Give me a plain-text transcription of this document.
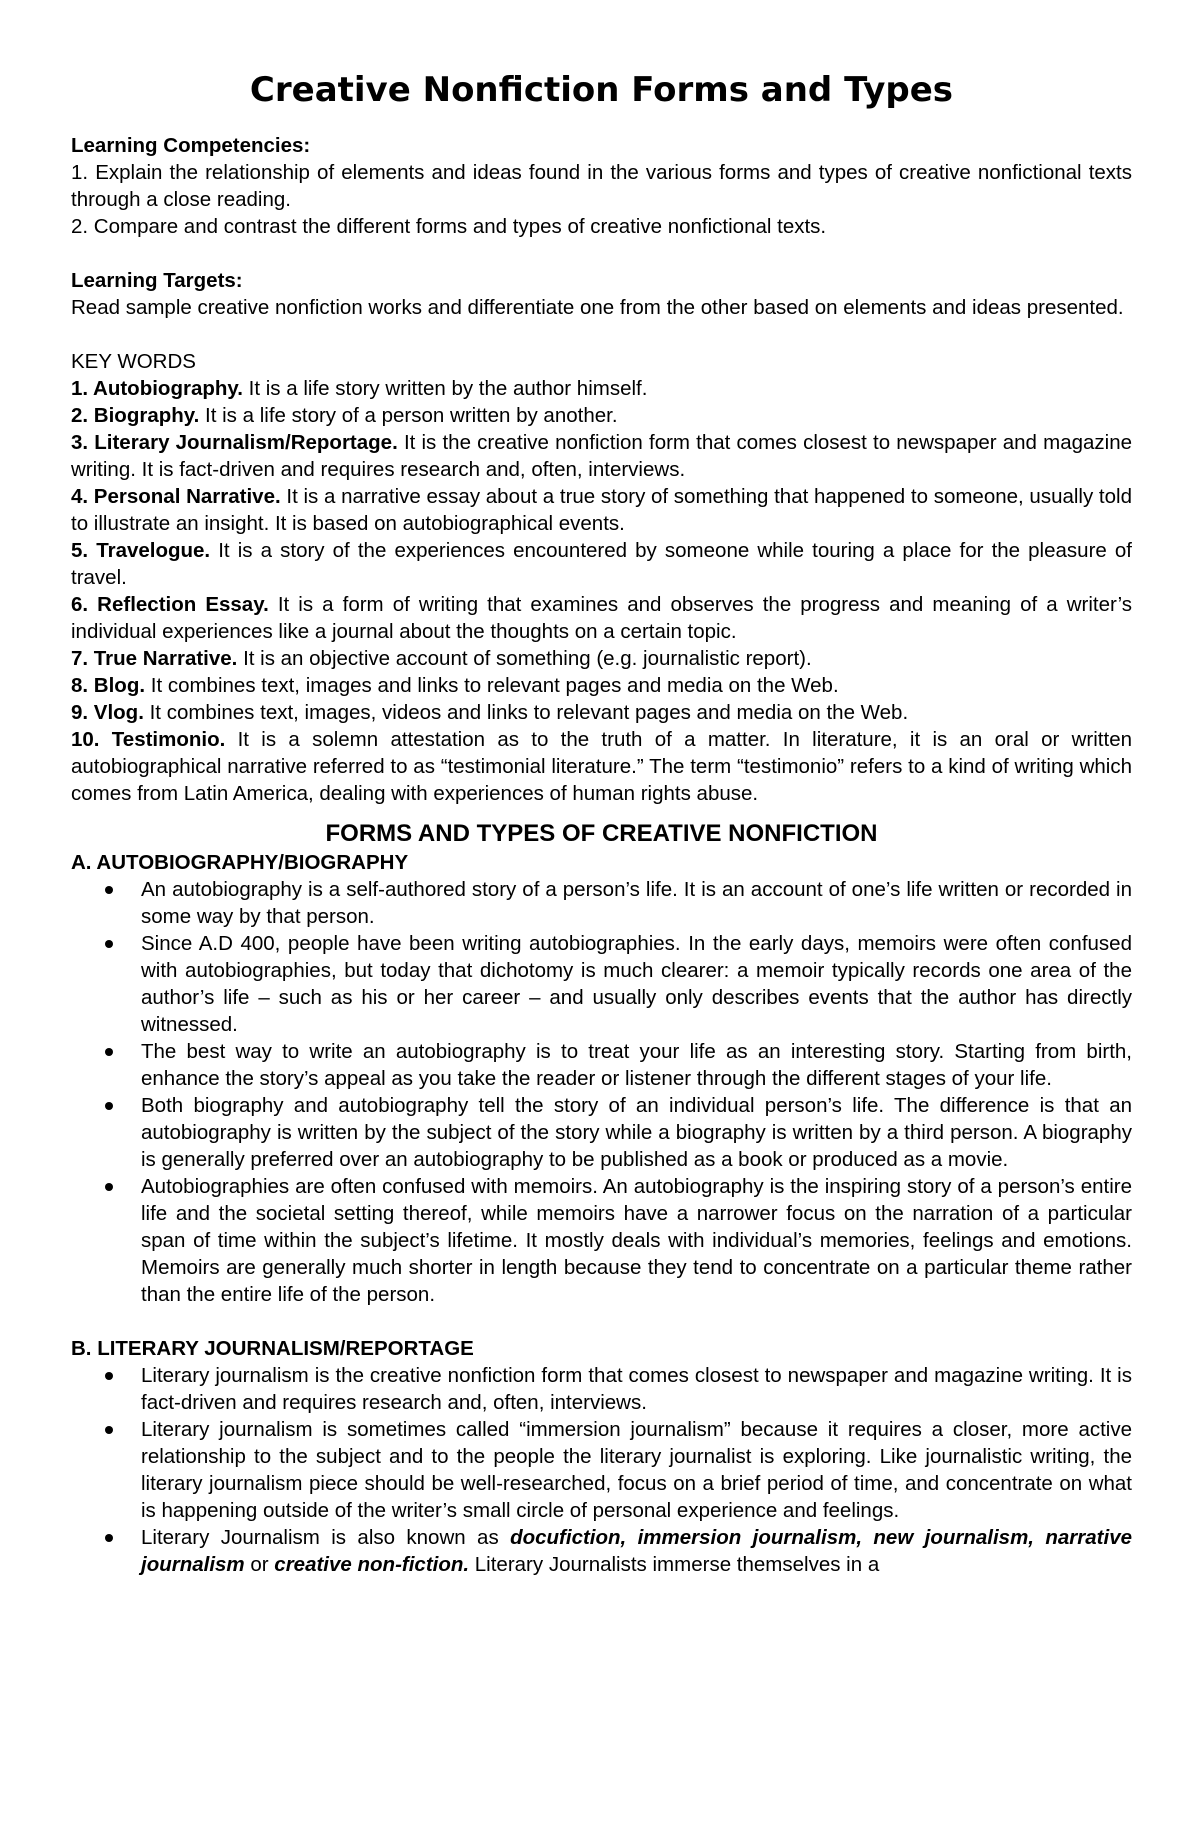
Creative Nonfiction Forms and Types

Learning Competencies:

1. Explain the relationship of elements and ideas found in the various forms and types of creative nonfictional texts through a close reading.

2. Compare and contrast the different forms and types of creative nonfictional texts.

Learning Targets:

Read sample creative nonfiction works and differentiate one from the other based on elements and ideas presented.

KEY WORDS

1. Autobiography. It is a life story written by the author himself.

2. Biography. It is a life story of a person written by another.

3. Literary Journalism/Reportage. It is the creative nonfiction form that comes closest to newspaper and magazine writing. It is fact-driven and requires research and, often, interviews.

4. Personal Narrative. It is a narrative essay about a true story of something that happened to someone, usually told to illustrate an insight. It is based on autobiographical events.

5. Travelogue. It is a story of the experiences encountered by someone while touring a place for the pleasure of travel.

6. Reflection Essay. It is a form of writing that examines and observes the progress and meaning of a writer’s individual experiences like a journal about the thoughts on a certain topic.

7. True Narrative. It is an objective account of something (e.g. journalistic report).

8. Blog. It combines text, images and links to relevant pages and media on the Web.

9. Vlog. It combines text, images, videos and links to relevant pages and media on the Web.

10. Testimonio. It is a solemn attestation as to the truth of a matter. In literature, it is an oral or written autobiographical narrative referred to as “testimonial literature.” The term “testimonio” refers to a kind of writing which comes from Latin America, dealing with experiences of human rights abuse.

FORMS AND TYPES OF CREATIVE NONFICTION

A. AUTOBIOGRAPHY/BIOGRAPHY

An autobiography is a self-authored story of a person’s life. It is an account of one’s life written or recorded in some way by that person.
Since A.D 400, people have been writing autobiographies. In the early days, memoirs were often confused with autobiographies, but today that dichotomy is much clearer: a memoir typically records one area of the author’s life – such as his or her career – and usually only describes events that the author has directly witnessed.
The best way to write an autobiography is to treat your life as an interesting story. Starting from birth, enhance the story’s appeal as you take the reader or listener through the different stages of your life.
Both biography and autobiography tell the story of an individual person’s life. The difference is that an autobiography is written by the subject of the story while a biography is written by a third person. A biography is generally preferred over an autobiography to be published as a book or produced as a movie.
Autobiographies are often confused with memoirs. An autobiography is the inspiring story of a person’s entire life and the societal setting thereof, while memoirs have a narrower focus on the narration of a particular span of time within the subject’s lifetime. It mostly deals with individual’s memories, feelings and emotions. Memoirs are generally much shorter in length because they tend to concentrate on a particular theme rather than the entire life of the person.

B. LITERARY JOURNALISM/REPORTAGE

Literary journalism is the creative nonfiction form that comes closest to newspaper and magazine writing. It is fact-driven and requires research and, often, interviews.
Literary journalism is sometimes called “immersion journalism” because it requires a closer, more active relationship to the subject and to the people the literary journalist is exploring. Like journalistic writing, the literary journalism piece should be well-researched, focus on a brief period of time, and concentrate on what is happening outside of the writer’s small circle of personal experience and feelings.
Literary Journalism is also known as docufiction, immersion journalism, new journalism, narrative journalism or creative non-fiction. Literary Journalists immerse themselves in a
